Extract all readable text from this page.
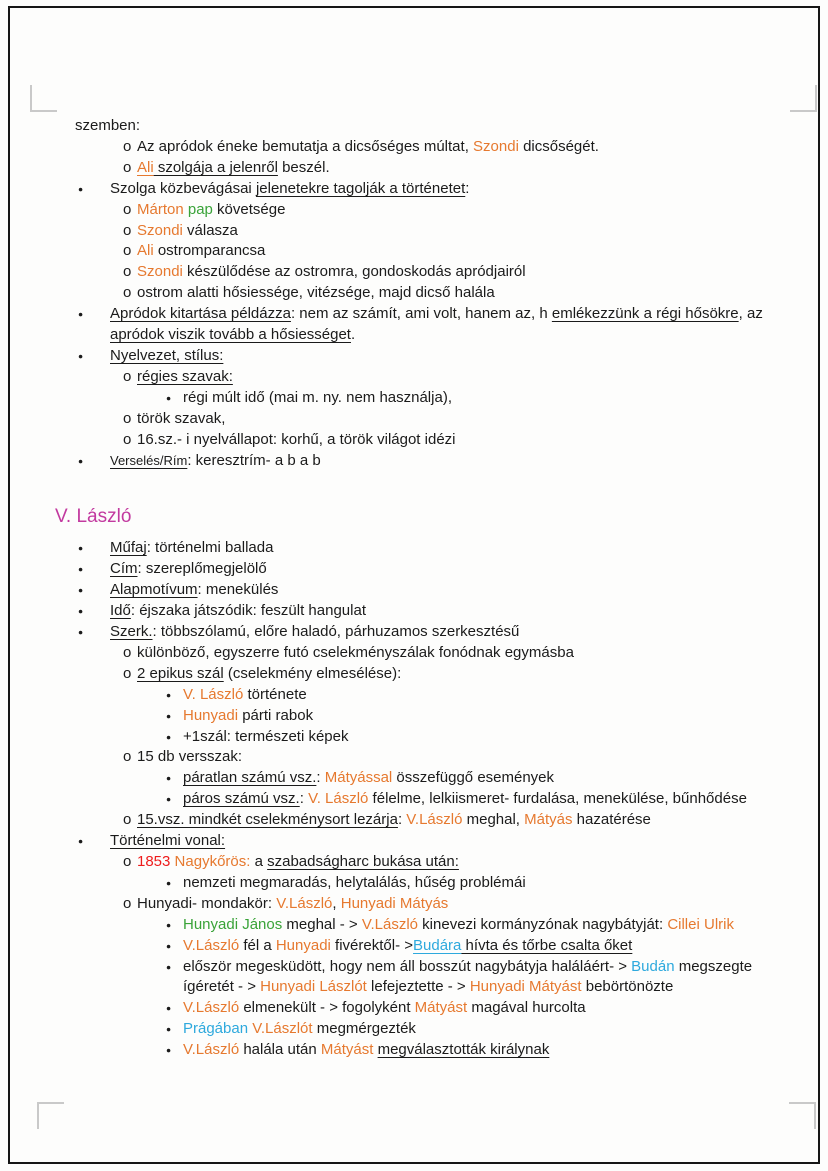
szemben:
o Az apródok éneke bemutatja a dicsőséges múltat, Szondi dicsőségét.
o Ali szolgája a jelenről beszél.
● Szolga közbevágásai jelenetekre tagolják a történetet:
o Márton pap követsége
o Szondi válasza
o Ali ostromparancsa
o Szondi készülődése az ostromra, gondoskodás apródjairól
o ostrom alatti hősiessége, vitézsége, majd dicső halála
● Apródok kitartása példázza: nem az számít, ami volt, hanem az, h emlékezzünk a régi hősökre, az apródok viszik tovább a hősiességet.
● Nyelvezet, stílus:
o régies szavak:
● régi múlt idő (mai m. ny. nem használja),
o török szavak,
o 16.sz.- i nyelvállapot: korhű, a török világot idézi
● Verselés/Rím: keresztrím- a b a b
V. László
● Műfaj: történelmi ballada
● Cím: szereplőmegjelölő
● Alapmotívum: menekülés
● Idő: éjszaka játszódik: feszült hangulat
● Szerk.: többszólamú, előre haladó, párhuzamos szerkesztésű
o különböző, egyszerre futó cselekményszálak fonódnak egymásba
o 2 epikus szál (cselekmény elmesélése):
● V. László története
● Hunyadi párti rabok
● +1szál: természeti képek
o 15 db versszak:
● páratlan számú vsz.: Mátyással összefüggő események
● páros számú vsz.: V. László félelme, lelkiismeret- furdalása, menekülése, bűnhődése
o 15.vsz. mindkét cselekménysort lezárja: V.László meghal, Mátyás hazatérése
● Történelmi vonal:
o 1853 Nagykőrös: a szabadságharc bukása után:
● nemzeti megmaradás, helytalálás, hűség problémái
o Hunyadi- mondakör: V.László, Hunyadi Mátyás
● Hunyadi János meghal - > V.László kinevezi kormányzónak nagybátyját: Cillei Ulrik
● V.László fél a Hunyadi fivérektől- >Budára hívta és tőrbe csalta őket
● először megesküdött, hogy nem áll bosszút nagybátyja haláláért- > Budán megszegte ígéretét - > Hunyadi Lászlót lefejeztette - > Hunyadi Mátyást bebörtönözte
● V.László elmenekült - > fogolyként Mátyást magával hurcolta
● Prágában V.Lászlót megmérgezték
● V.László halála után Mátyást megválasztották királynak
